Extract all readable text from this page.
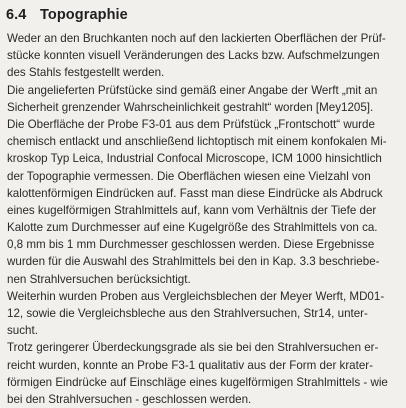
6.4 Topographie
Weder an den Bruchkanten noch auf den lackierten Oberflächen der Prüf-
stücke konnten visuell Veränderungen des Lacks bzw. Aufschmelzungen
des Stahls festgestellt werden.
Die angelieferten Prüfstücke sind gemäß einer Angabe der Werft „mit an
Sicherheit grenzender Wahrscheinlichkeit gestrahlt“ worden [Mey1205].
Die Oberfläche der Probe F3-01 aus dem Prüfstück „Frontschott“ wurde
chemisch entlackt und anschließend lichtoptisch mit einem konfokalen Mi-
kroskop Typ Leica, Industrial Confocal Microscope, ICM 1000 hinsichtlich
der Topographie vermessen. Die Oberflächen wiesen eine Vielzahl von
kalottenförmigen Eindrücken auf. Fasst man diese Eindrücke als Abdruck
eines kugelförmigen Strahlmittels auf, kann vom Verhältnis der Tiefe der
Kalotte zum Durchmesser auf eine Kugelgröße des Strahlmittels von ca.
0,8 mm bis 1 mm Durchmesser geschlossen werden. Diese Ergebnisse
wurden für die Auswahl des Strahlmittels bei den in Kap. 3.3 beschriebe-
nen Strahlversuchen berücksichtigt.
Weiterhin wurden Proben aus Vergleichsblechen der Meyer Werft, MD01-
12, sowie die Vergleichsbleche aus den Strahlversuchen, Str14, unter-
sucht.
Trotz geringerer Überdeckungsgrade als sie bei den Strahlversuchen er-
reicht wurden, konnte an Probe F3-1 qualitativ aus der Form der krater-
förmigen Eindrücke auf Einschläge eines kugelförmigen Strahlmittels - wie
bei den Strahlversuchen - geschlossen werden.
